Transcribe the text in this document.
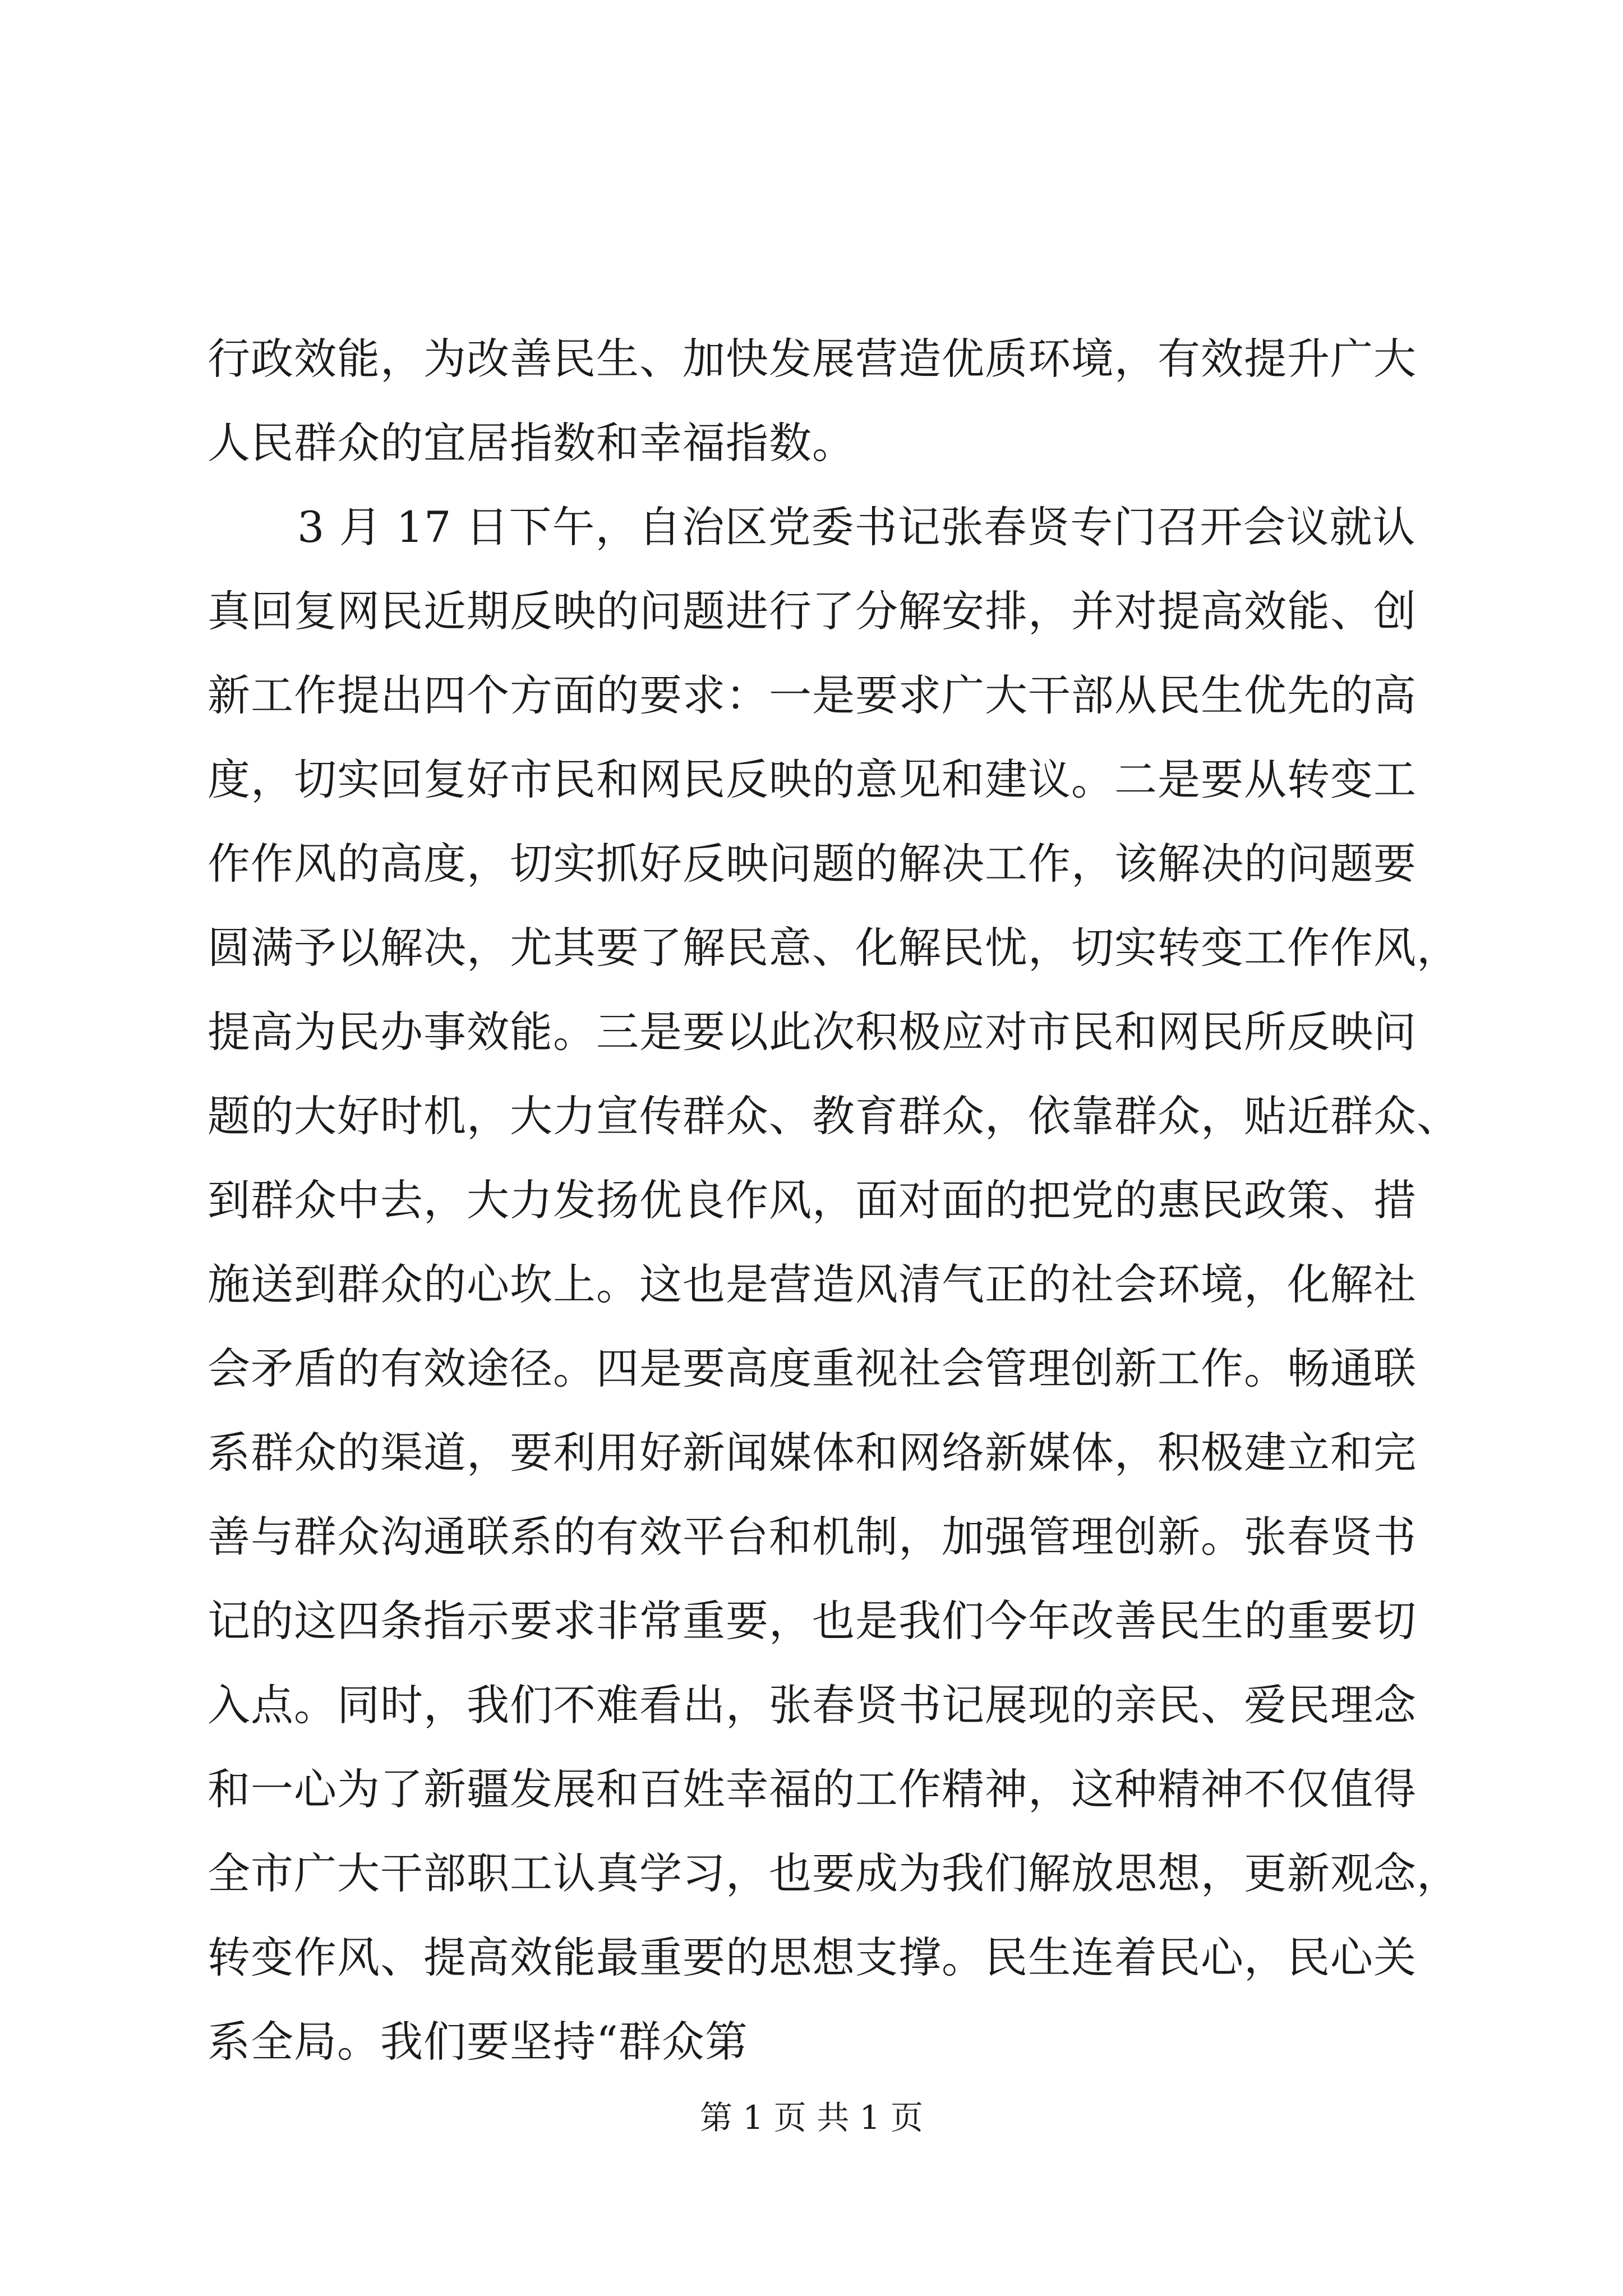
行政效能，为改善民生、加快发展营造优质环境，有效提升广大
人民群众的宜居指数和幸福指数。
3 月 17 日下午，自治区党委书记张春贤专门召开会议就认
真回复网民近期反映的问题进行了分解安排，并对提高效能、创
新工作提出四个方面的要求：一是要求广大干部从民生优先的高
度，切实回复好市民和网民反映的意见和建议。二是要从转变工
作作风的高度，切实抓好反映问题的解决工作，该解决的问题要
圆满予以解决，尤其要了解民意、化解民忧，切实转变工作作风，
提高为民办事效能。三是要以此次积极应对市民和网民所反映问
题的大好时机，大力宣传群众、教育群众，依靠群众，贴近群众、
到群众中去，大力发扬优良作风，面对面的把党的惠民政策、措
施送到群众的心坎上。这也是营造风清气正的社会环境，化解社
会矛盾的有效途径。四是要高度重视社会管理创新工作。畅通联
系群众的渠道，要利用好新闻媒体和网络新媒体，积极建立和完
善与群众沟通联系的有效平台和机制，加强管理创新。张春贤书
记的这四条指示要求非常重要，也是我们今年改善民生的重要切
入点。同时，我们不难看出，张春贤书记展现的亲民、爱民理念
和一心为了新疆发展和百姓幸福的工作精神，这种精神不仅值得
全市广大干部职工认真学习，也要成为我们解放思想，更新观念，
转变作风、提高效能最重要的思想支撑。民生连着民心，民心关
系全局。我们要坚持“群众第
第 1 页 共 1 页
